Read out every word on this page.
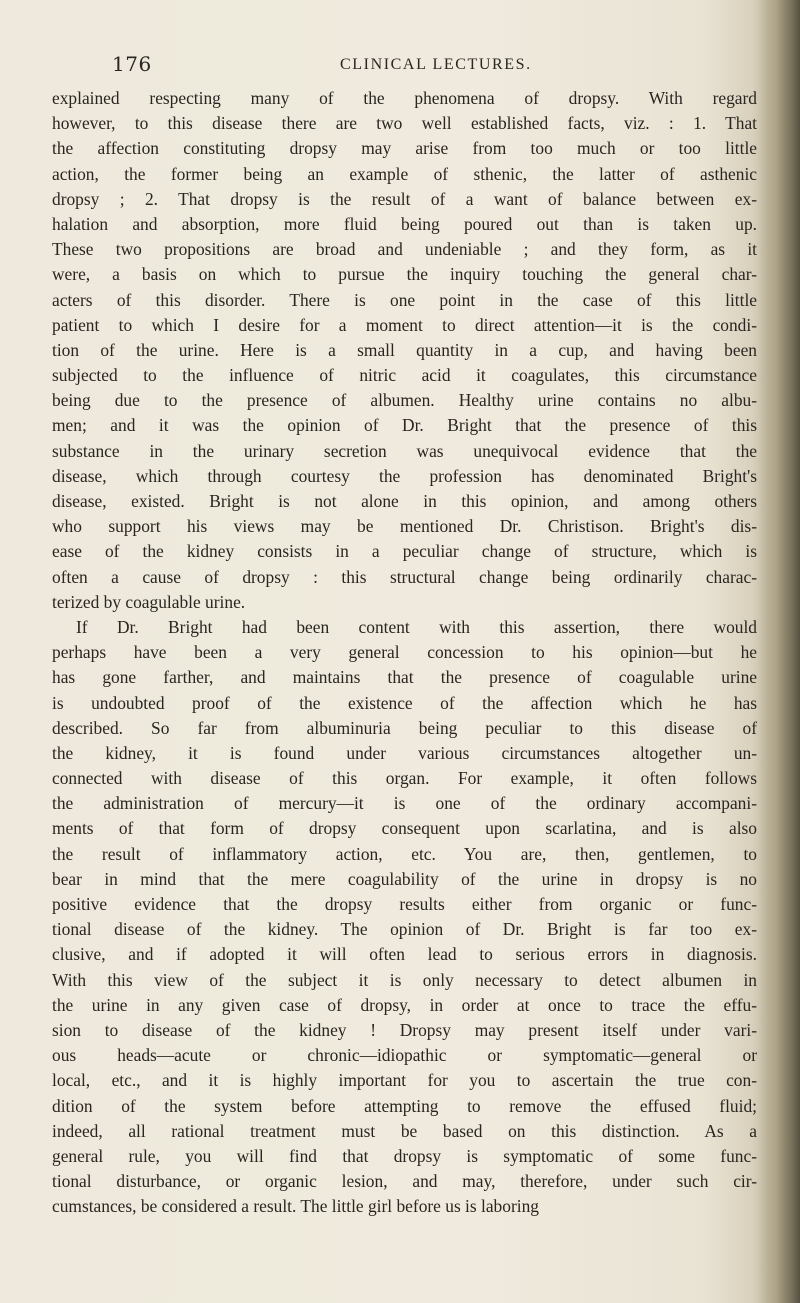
176	CLINICAL LECTURES.
explained respecting many of the phenomena of dropsy. With regard
however, to this disease there are two well established facts, viz. : 1. That
the affection constituting dropsy may arise from too much or too little
action, the former being an example of sthenic, the latter of asthenic
dropsy ; 2. That dropsy is the result of a want of balance between ex-
halation and absorption, more fluid being poured out than is taken up.
These two propositions are broad and undeniable ; and they form, as it
were, a basis on which to pursue the inquiry touching the general char-
acters of this disorder. There is one point in the case of this little
patient to which I desire for a moment to direct attention—it is the condi-
tion of the urine. Here is a small quantity in a cup, and having been
subjected to the influence of nitric acid it coagulates, this circumstance
being due to the presence of albumen. Healthy urine contains no albu-
men; and it was the opinion of Dr. Bright that the presence of this
substance in the urinary secretion was unequivocal evidence that the
disease, which through courtesy the profession has denominated Bright's
disease, existed. Bright is not alone in this opinion, and among others
who support his views may be mentioned Dr. Christison. Bright's dis-
ease of the kidney consists in a peculiar change of structure, which is
often a cause of dropsy : this structural change being ordinarily charac-
terized by coagulable urine.
If Dr. Bright had been content with this assertion, there would
perhaps have been a very general concession to his opinion—but he
has gone farther, and maintains that the presence of coagulable urine
is undoubted proof of the existence of the affection which he has
described. So far from albuminuria being peculiar to this disease of
the kidney, it is found under various circumstances altogether un-
connected with disease of this organ. For example, it often follows
the administration of mercury—it is one of the ordinary accompani-
ments of that form of dropsy consequent upon scarlatina, and is also
the result of inflammatory action, etc. You are, then, gentlemen, to
bear in mind that the mere coagulability of the urine in dropsy is no
positive evidence that the dropsy results either from organic or func-
tional disease of the kidney. The opinion of Dr. Bright is far too ex-
clusive, and if adopted it will often lead to serious errors in diagnosis.
With this view of the subject it is only necessary to detect albumen in
the urine in any given case of dropsy, in order at once to trace the effu-
sion to disease of the kidney ! Dropsy may present itself under vari-
ous heads—acute or chronic—idiopathic or symptomatic—general or
local, etc., and it is highly important for you to ascertain the true con-
dition of the system before attempting to remove the effused fluid;
indeed, all rational treatment must be based on this distinction. As a
general rule, you will find that dropsy is symptomatic of some func-
tional disturbance, or organic lesion, and may, therefore, under such cir-
cumstances, be considered a result. The little girl before us is laboring
